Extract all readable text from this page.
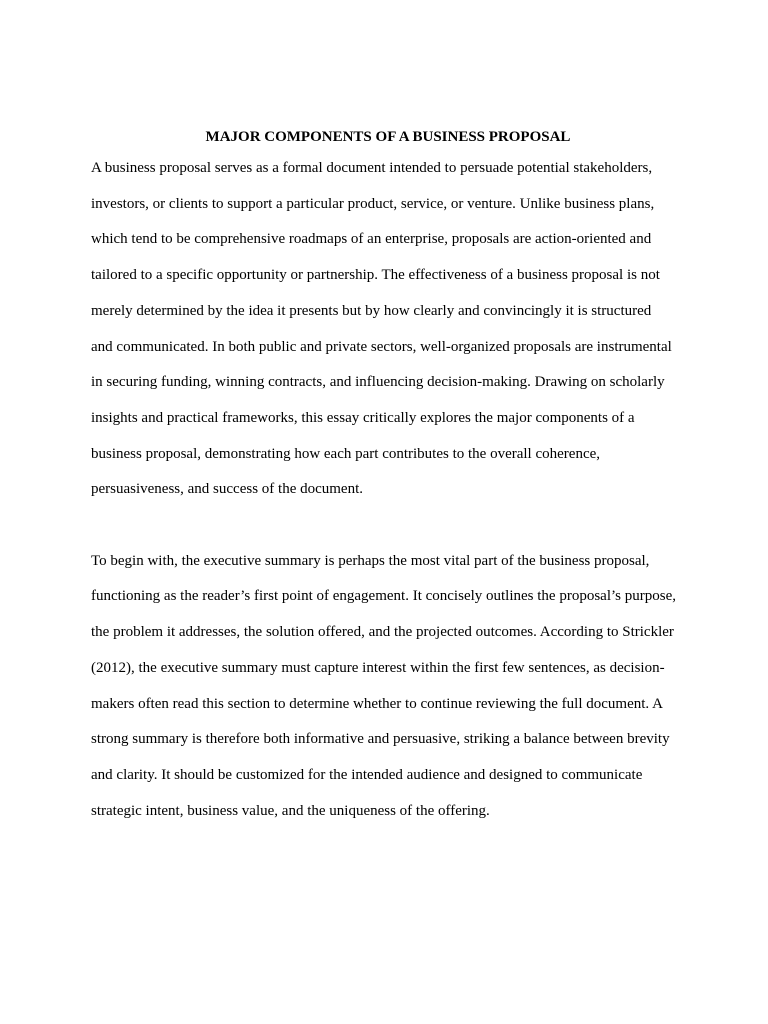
MAJOR COMPONENTS OF A BUSINESS PROPOSAL

A business proposal serves as a formal document intended to persuade potential stakeholders,
investors, or clients to support a particular product, service, or venture. Unlike business plans,
which tend to be comprehensive roadmaps of an enterprise, proposals are action-oriented and
tailored to a specific opportunity or partnership. The effectiveness of a business proposal is not
merely determined by the idea it presents but by how clearly and convincingly it is structured
and communicated. In both public and private sectors, well-organized proposals are instrumental
in securing funding, winning contracts, and influencing decision-making. Drawing on scholarly
insights and practical frameworks, this essay critically explores the major components of a
business proposal, demonstrating how each part contributes to the overall coherence,
persuasiveness, and success of the document.

To begin with, the executive summary is perhaps the most vital part of the business proposal,
functioning as the reader’s first point of engagement. It concisely outlines the proposal’s purpose,
the problem it addresses, the solution offered, and the projected outcomes. According to Strickler
(2012), the executive summary must capture interest within the first few sentences, as decision-
makers often read this section to determine whether to continue reviewing the full document. A
strong summary is therefore both informative and persuasive, striking a balance between brevity
and clarity. It should be customized for the intended audience and designed to communicate
strategic intent, business value, and the uniqueness of the offering.
